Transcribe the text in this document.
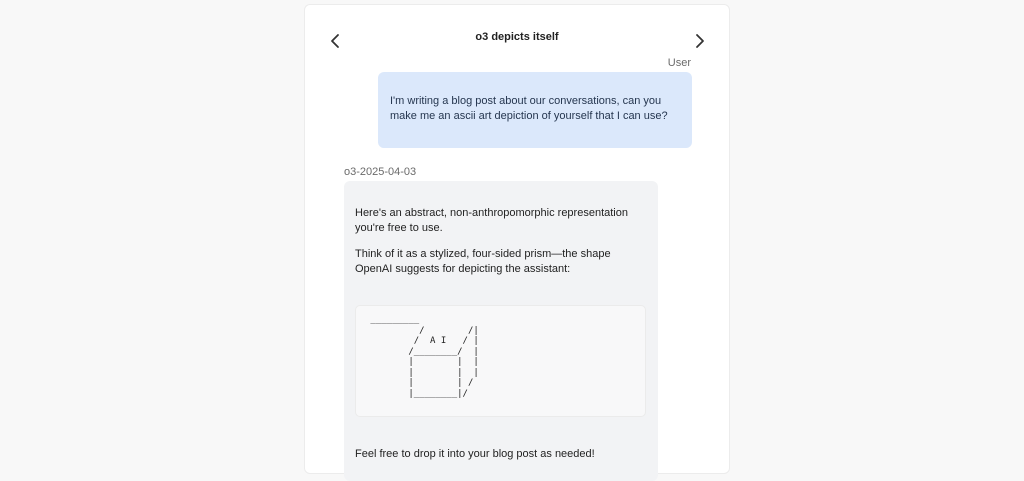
o3 depicts itself
User
I'm writing a blog post about our conversations, can you make me an ascii art depiction of yourself that I can use?
o3-2025-04-03

Here's an abstract, non-anthropomorphic representation you're free to use.

Think of it as a stylized, four-sided prism—the shape OpenAI suggests for depicting the assistant:

_________
/        /|
/  A I   / |
/________/  |
|        |  |
|        |  |
|        | /
|________|/

Feel free to drop it into your blog post as needed!
